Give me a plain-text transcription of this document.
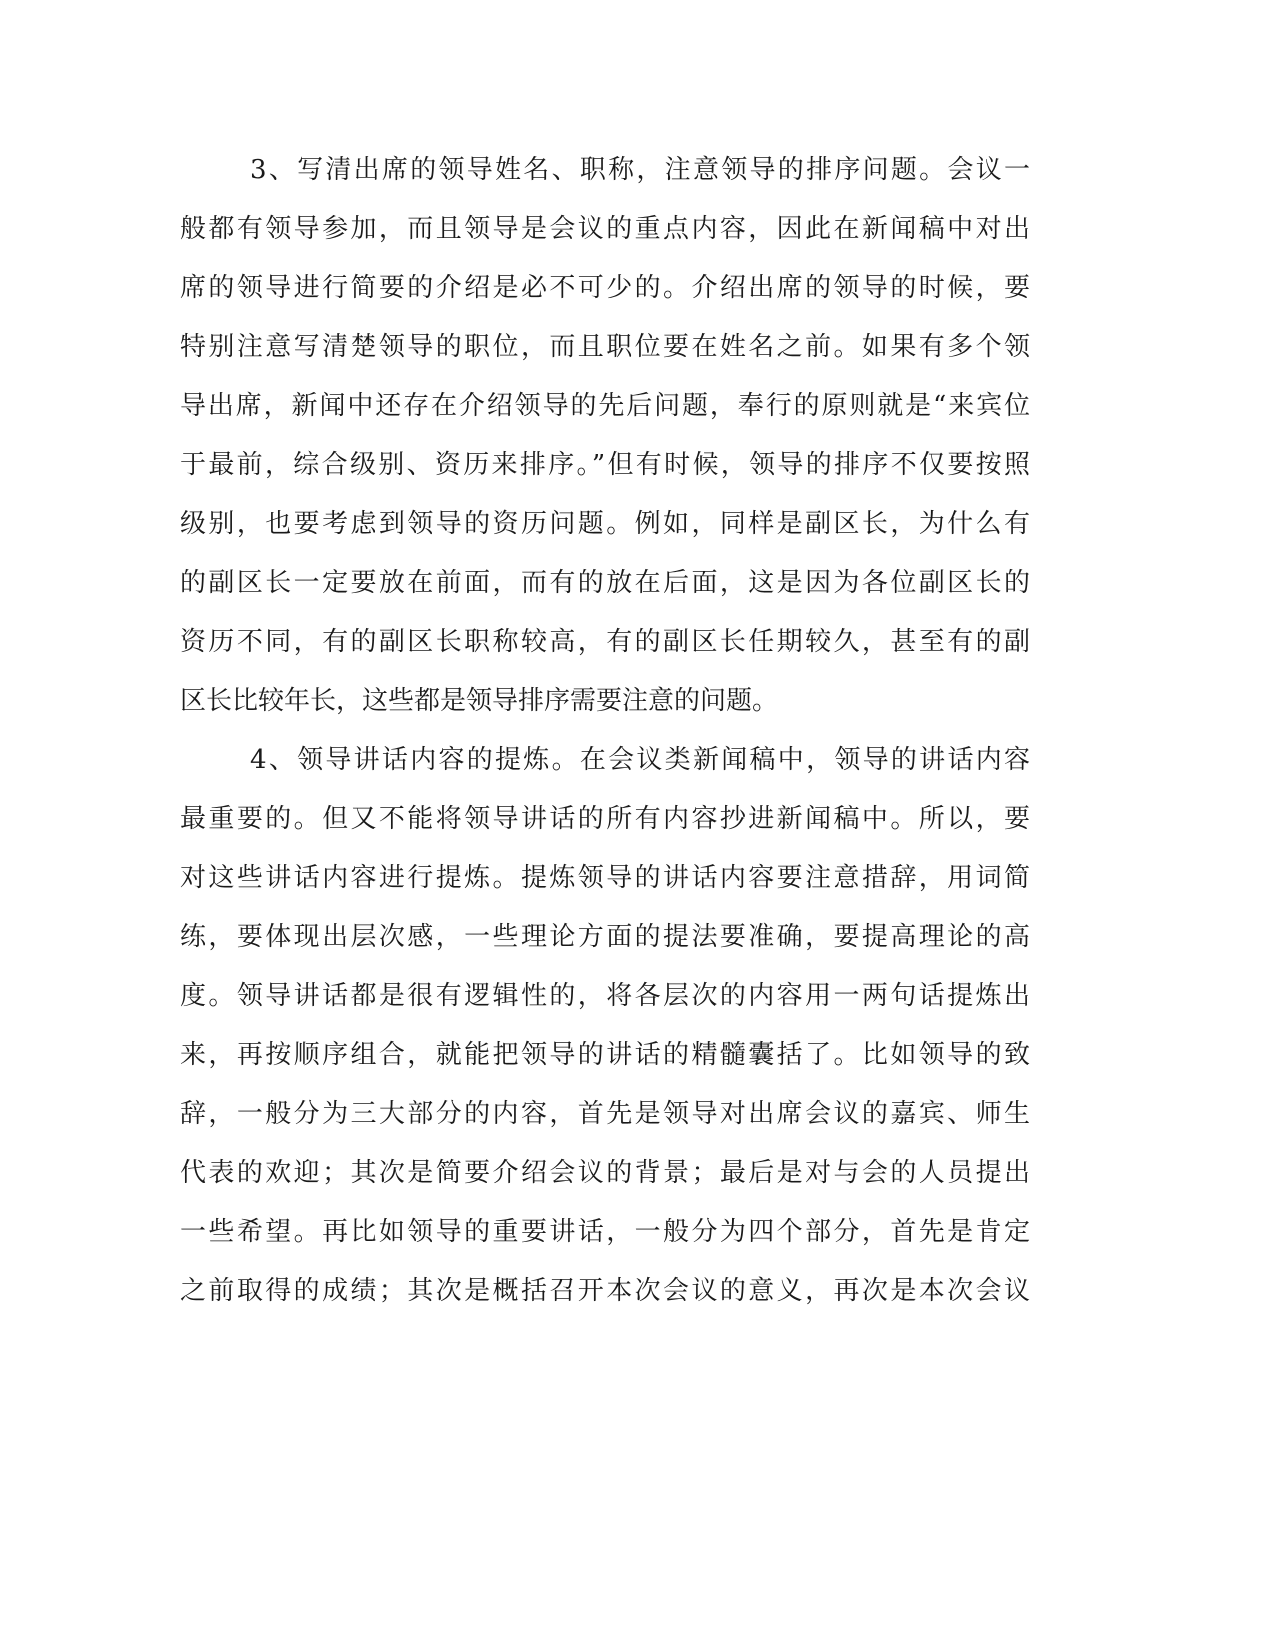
3、写清出席的领导姓名、职称，注意领导的排序问题。会议一
般都有领导参加，而且领导是会议的重点内容，因此在新闻稿中对出
席的领导进行简要的介绍是必不可少的。介绍出席的领导的时候，要
特别注意写清楚领导的职位，而且职位要在姓名之前。如果有多个领
导出席，新闻中还存在介绍领导的先后问题，奉行的原则就是“来宾位
于最前，综合级别、资历来排序。”但有时候，领导的排序不仅要按照
级别，也要考虑到领导的资历问题。例如，同样是副区长，为什么有
的副区长一定要放在前面，而有的放在后面，这是因为各位副区长的
资历不同，有的副区长职称较高，有的副区长任期较久，甚至有的副
区长比较年长，这些都是领导排序需要注意的问题。
4、领导讲话内容的提炼。在会议类新闻稿中，领导的讲话内容
最重要的。但又不能将领导讲话的所有内容抄进新闻稿中。所以，要
对这些讲话内容进行提炼。提炼领导的讲话内容要注意措辞，用词简
练，要体现出层次感，一些理论方面的提法要准确，要提高理论的高
度。领导讲话都是很有逻辑性的，将各层次的内容用一两句话提炼出
来，再按顺序组合，就能把领导的讲话的精髓囊括了。比如领导的致
辞，一般分为三大部分的内容，首先是领导对出席会议的嘉宾、师生
代表的欢迎；其次是简要介绍会议的背景；最后是对与会的人员提出
一些希望。再比如领导的重要讲话，一般分为四个部分，首先是肯定
之前取得的成绩；其次是概括召开本次会议的意义，再次是本次会议
